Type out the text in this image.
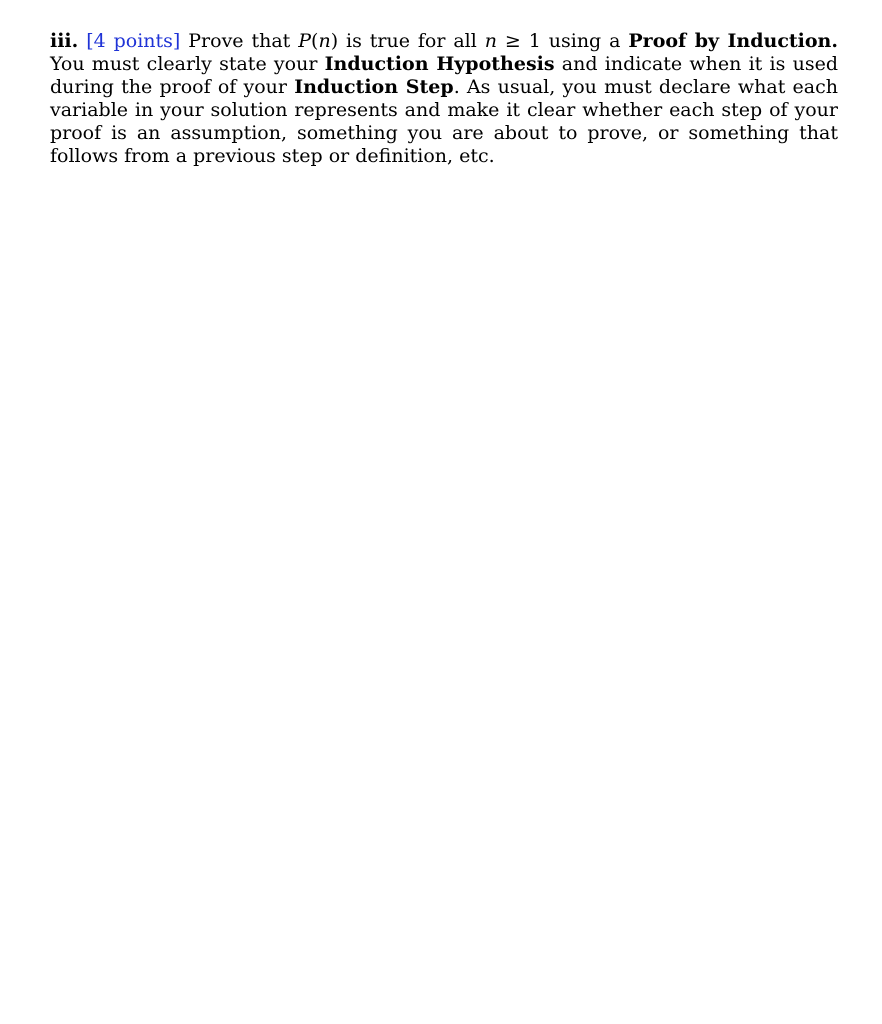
iii. [4 points] Prove that P(n) is true for all n ≥ 1 using a Proof by Induction. You must clearly state your Induction Hypothesis and indicate when it is used during the proof of your Induction Step. As usual, you must declare what each variable in your solution represents and make it clear whether each step of your proof is an assumption, something you are about to prove, or something that follows from a previous step or definition, etc.
